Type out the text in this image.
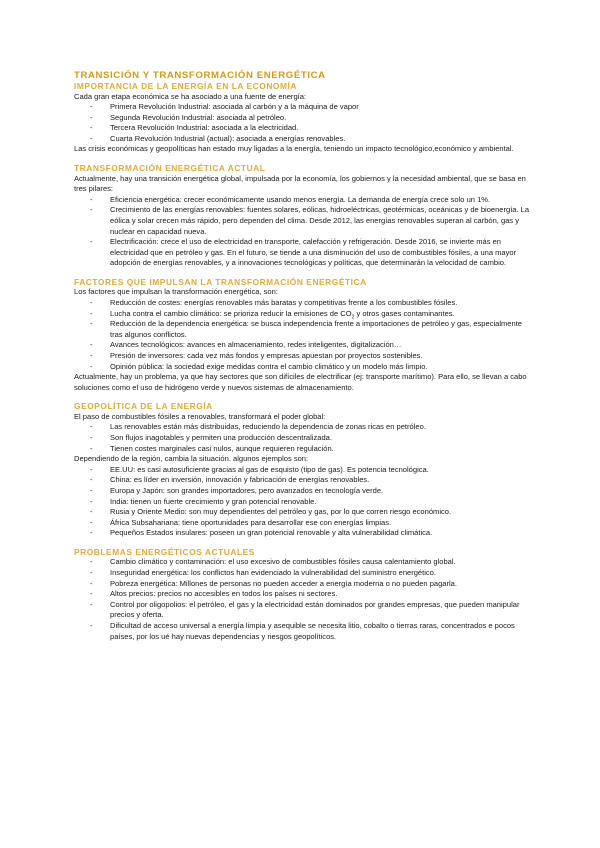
TRANSICIÓN Y TRANSFORMACIÓN ENERGÉTICA
IMPORTANCIA DE LA ENERGÍA EN LA ECONOMÍA

Cada gran etapa económica se ha asociado a una fuente de energía:

- Primera Revolución Industrial: asociada al carbón y a la máquina de vapor
- Segunda Revolución Industrial: asociada al petróleo.
- Tercera Revolución Industrial: asociada a la electricidad.
- Cuarta Revolución Industrial (actual): asociada a energías renovables.

Las crisis económicas y geopolíticas han estado muy ligadas a la energía, teniendo un impacto tecnológico,económico y ambiental.

TRANSFORMACIÓN ENERGÉTICA ACTUAL

Actualmente, hay una transición energética global, impulsada por la economía, los gobiernos y la necesidad ambiental, que se basa en tres pilares:

- Eficiencia energética: crecer económicamente usando menos energía. La demanda de energía crece solo un 1%.
- Crecimiento de las energías renovables: fuentes solares, eólicas, hidroeléctricas, geotérmicas, oceánicas y de bioenergía. La eólica y solar crecen más rápido, pero dependen del clima. Desde 2012, las energías renovables superan al carbón, gas y nuclear en capacidad nueva.
- Electrificación: crece el uso de electricidad en transporte, calefacción y refrigeración. Desde 2016, se invierte más en electricidad que en petróleo y gas. En el futuro, se tiende a una disminución del uso de combustibles fósiles, a una mayor adopción de energías renovables, y a innovaciones tecnológicas y políticas, que determinarán la velocidad de cambio.
FACTORES QUE IMPULSAN LA TRANSFORMACIÓN ENERGÉTICA

Los factores que impulsan la transformación energética, son:

- Reducción de costes: energías renovables más baratas y competitivas frente a los combustibles fósiles.
- Lucha contra el cambio climático: se prioriza reducir la emisiones de $CO_2$ y otros gases contaminantes.
- Reducción de la dependencia energética: se busca independencia frente a importaciones de petróleo y gas, especialmente tras algunos conflictos.
- Avances tecnológicos: avances en almacenamiento, redes inteligentes, digitalización…
- Presión de inversores: cada vez más fondos y empresas apuestan por proyectos sostenibles.
- Opinión pública: la sociedad exige medidas contra el cambio climático y un modelo más limpio.

Actualmente, hay un problema, ya que hay sectores que son difíciles de electrificar (ej: transporte marítimo). Para ello, se llevan a cabo soluciones como el uso de hidrógeno verde y nuevos sistemas de almacenamiento.

GEOPOLÍTICA DE LA ENERGÍA

El paso de combustibles fósiles a renovables, transformará el poder global:

- Las renovables están más distribuidas, reduciendo la dependencia de zonas ricas en petróleo.
- Son flujos inagotables y permiten una producción descentralizada.
- Tienen costes marginales casi nulos, aunque requieren regulación.

Dependiendo de la región, cambia la situación. algunos ejemplos son:

- EE.UU: es casi autosuficiente gracias al gas de esquisto (tipo de gas). Es potencia tecnológica.
- China: es líder en inversión, innovación y fabricación de energías renovables.
- Europa y Japón: son grandes importadores, pero avanzados en tecnología verde.
- India: tienen un fuerte crecimiento y gran potencial renovable.
- Rusia y Oriente Medio: son muy dependientes del petróleo y gas, por lo que corren riesgo económico.
- África Subsahariana: tiene oportunidades para desarrollar ese con energías limpias.
- Pequeños Estados insulares: poseen un gran potencial renovable y alta vulnerabilidad climática.
PROBLEMAS ENERGÉTICOS ACTUALES
- Cambio climático y contaminación: el uso excesivo de combustibles fósiles causa calentamiento global.
- Inseguridad energética: los conflictos han evidenciado la vulnerabilidad del suministro energético.
- Pobreza energética: Millones de personas no pueden acceder a energía moderna o no pueden pagarla.
- Altos precios: precios no accesibles en todos los países ni sectores.
- Control por oligopolios: el petróleo, el gas y la electricidad están dominados por grandes empresas, que pueden manipular precios y oferta.
- Dificultad de acceso universal a energía limpia y asequible se necesita litio, cobalto o tierras raras, concentrados e pocos países, por los ué hay nuevas dependencias y riesgos geopolíticos.
